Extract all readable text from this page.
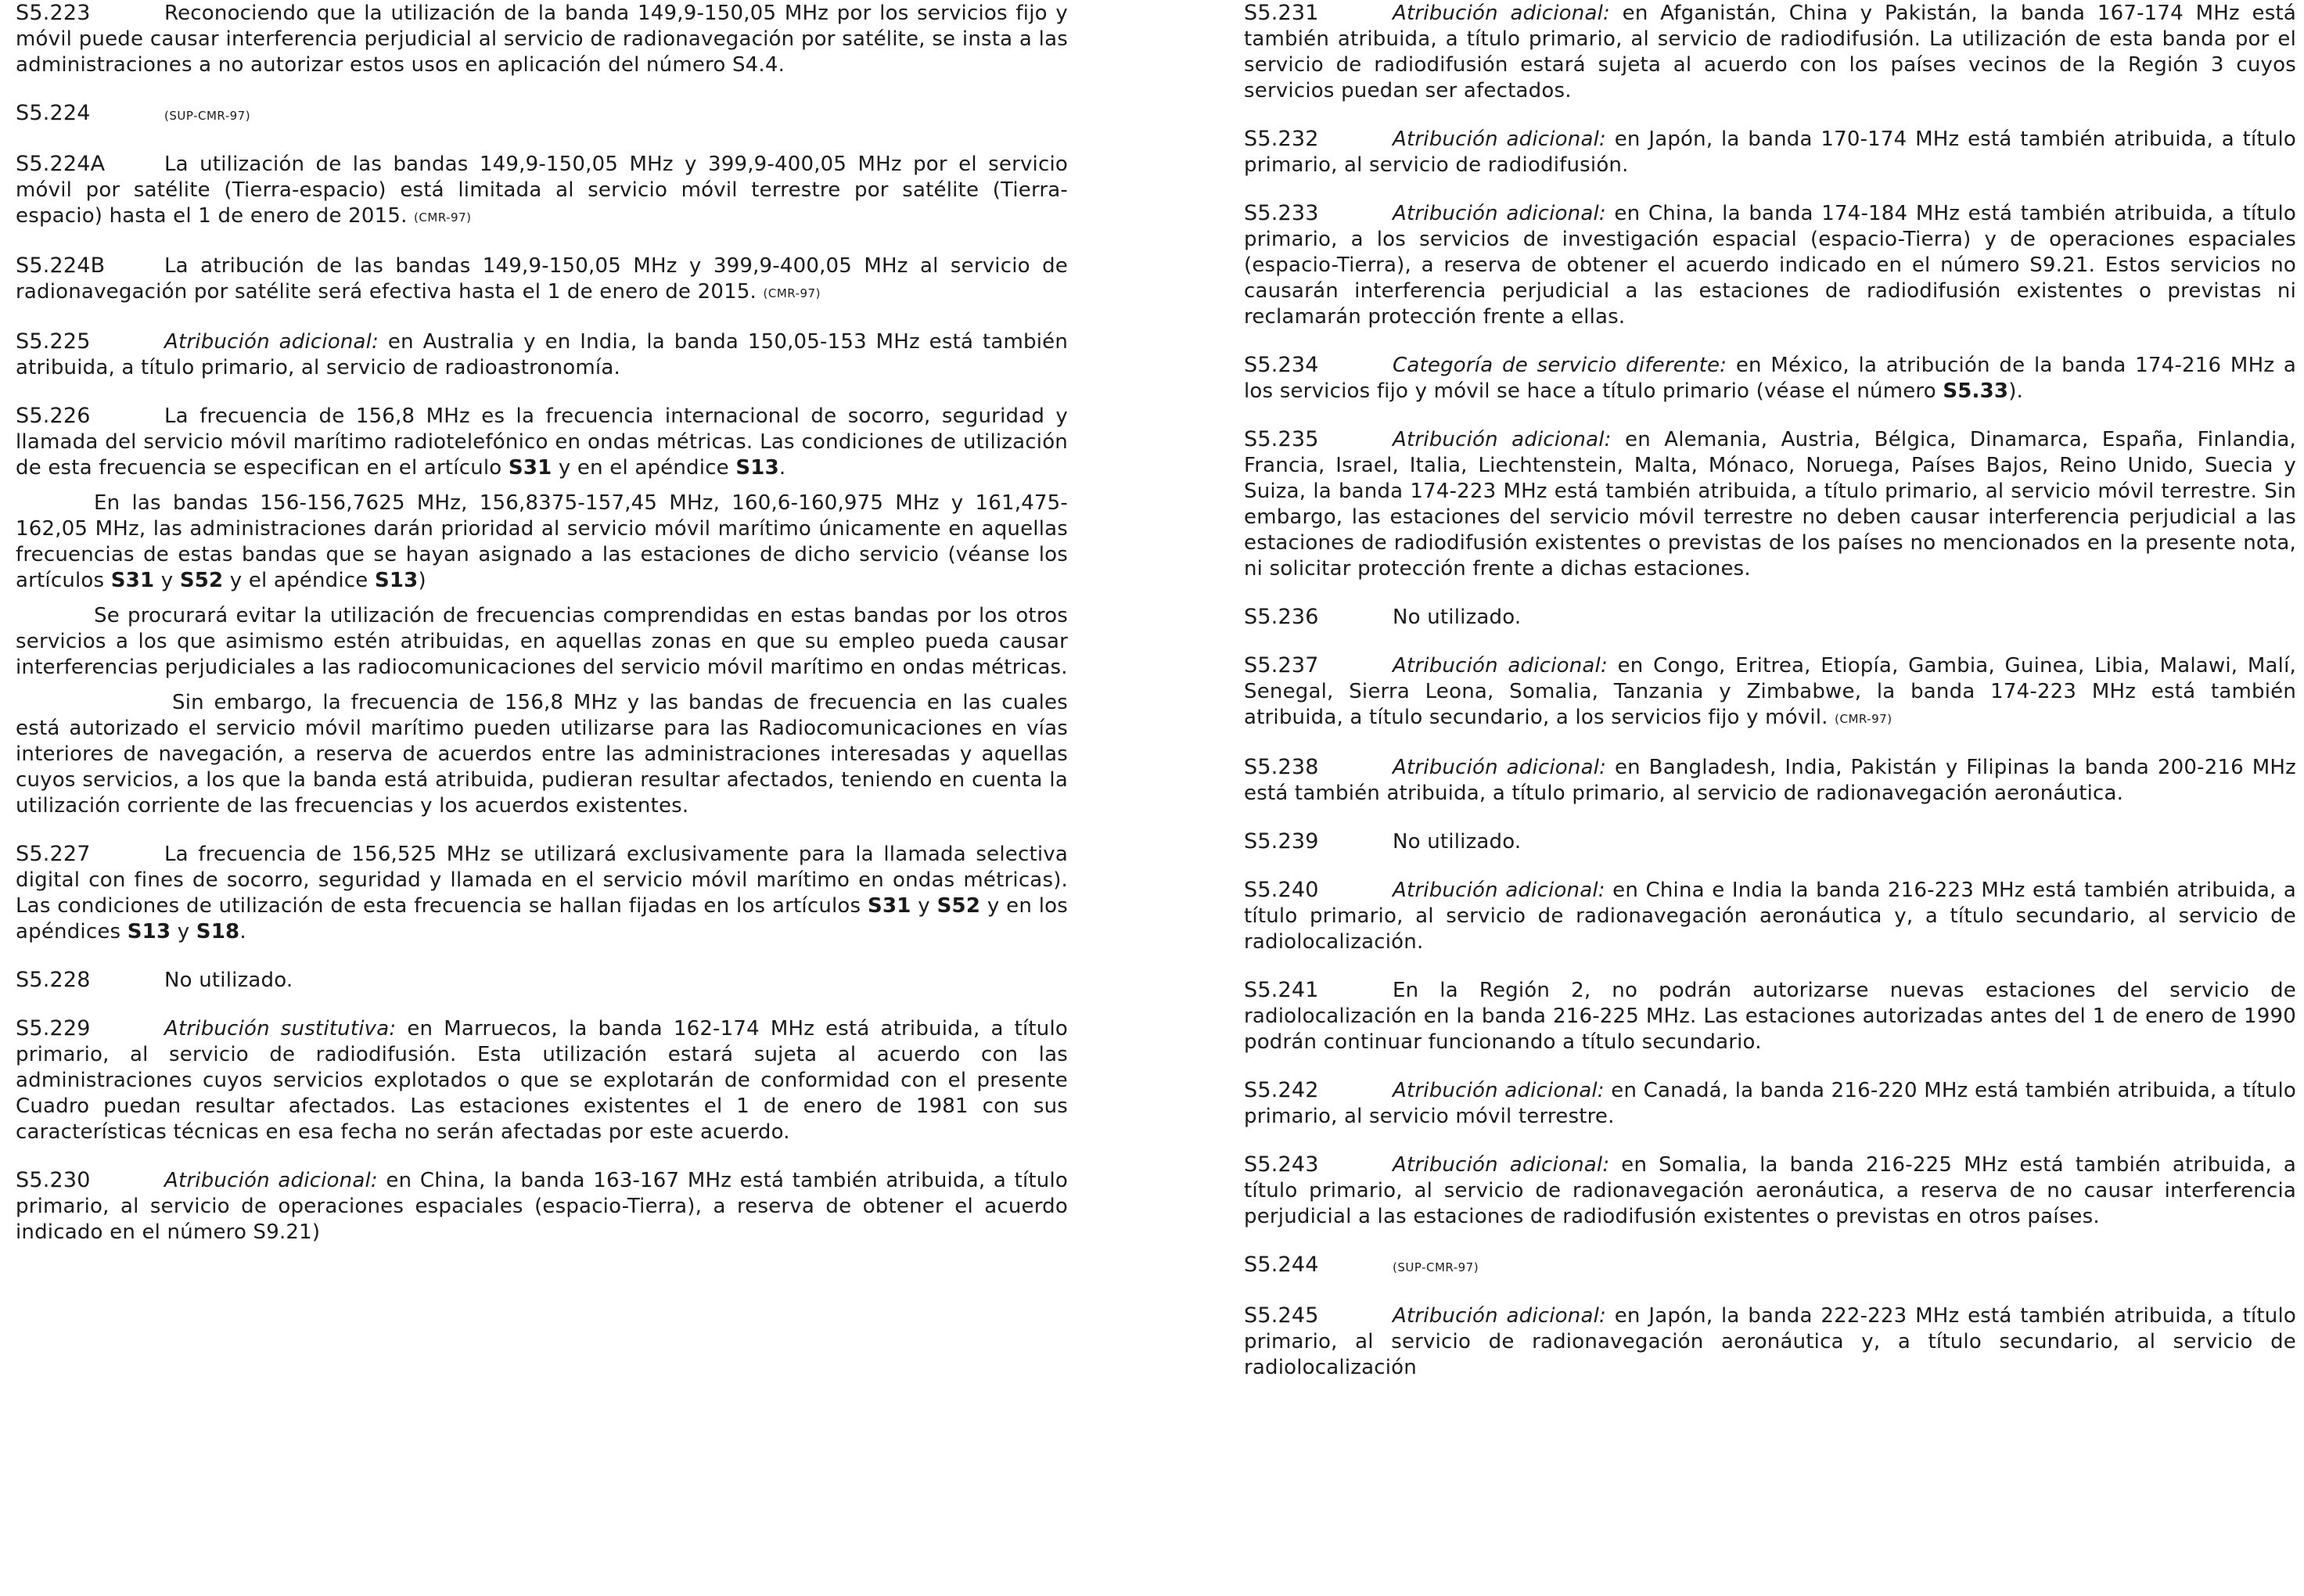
S5.223	Reconociendo que la utilización de la banda 149,9-150,05 MHz por los servicios fijo y móvil puede causar interferencia perjudicial al servicio de radionavegación por satélite, se insta a las administraciones a no autorizar estos usos en aplicación del número S4.4.

S5.224	(SUP-CMR-97)

S5.224A	La utilización de las bandas 149,9-150,05 MHz y 399,9-400,05 MHz por el servicio móvil por satélite (Tierra-espacio) está limitada al servicio móvil terrestre por satélite (Tierra-espacio) hasta el 1 de enero de 2015. (CMR-97)

S5.224B	La atribución de las bandas 149,9-150,05 MHz y 399,9-400,05 MHz al servicio de radionavegación por satélite será efectiva hasta el 1 de enero de 2015. (CMR-97)

S5.225	Atribución adicional: en Australia y en India, la banda 150,05-153 MHz está también atribuida, a título primario, al servicio de radioastronomía.

S5.226	La frecuencia de 156,8 MHz es la frecuencia internacional de socorro, seguridad y llamada del servicio móvil marítimo radiotelefónico en ondas métricas. Las condiciones de utilización de esta frecuencia se especifican en el artículo S31 y en el apéndice S13.

En las bandas 156-156,7625 MHz, 156,8375-157,45 MHz, 160,6-160,975 MHz y 161,475-162,05 MHz, las administraciones darán prioridad al servicio móvil marítimo únicamente en aquellas frecuencias de estas bandas que se hayan asignado a las estaciones de dicho servicio (véanse los artículos S31 y S52 y el apéndice S13)

Se procurará evitar la utilización de frecuencias comprendidas en estas bandas por los otros servicios a los que asimismo estén atribuidas, en aquellas zonas en que su empleo pueda causar interferencias perjudiciales a las radiocomunicaciones del servicio móvil marítimo en ondas métricas.

Sin embargo, la frecuencia de 156,8 MHz y las bandas de frecuencia en las cuales está autorizado el servicio móvil marítimo pueden utilizarse para las Radiocomunicaciones en vías interiores de navegación, a reserva de acuerdos entre las administraciones interesadas y aquellas cuyos servicios, a los que la banda está atribuida, pudieran resultar afectados, teniendo en cuenta la utilización corriente de las frecuencias y los acuerdos existentes.

S5.227	La frecuencia de 156,525 MHz se utilizará exclusivamente para la llamada selectiva digital con fines de socorro, seguridad y llamada en el servicio móvil marítimo en ondas métricas). Las condiciones de utilización de esta frecuencia se hallan fijadas en los artículos S31 y S52 y en los apéndices S13 y S18.

S5.228	No utilizado.

S5.229	Atribución sustitutiva: en Marruecos, la banda 162-174 MHz está atribuida, a título primario, al servicio de radiodifusión. Esta utilización estará sujeta al acuerdo con las administraciones cuyos servicios explotados o que se explotarán de conformidad con el presente Cuadro puedan resultar afectados. Las estaciones existentes el 1 de enero de 1981 con sus características técnicas en esa fecha no serán afectadas por este acuerdo.

S5.230	Atribución adicional: en China, la banda 163-167 MHz está también atribuida, a título primario, al servicio de operaciones espaciales (espacio-Tierra), a reserva de obtener el acuerdo indicado en el número S9.21)

S5.231	Atribución adicional: en Afganistán, China y Pakistán, la banda 167-174 MHz está también atribuida, a título primario, al servicio de radiodifusión. La utilización de esta banda por el servicio de radiodifusión estará sujeta al acuerdo con los países vecinos de la Región 3 cuyos servicios puedan ser afectados.

S5.232	Atribución adicional: en Japón, la banda 170-174 MHz está también atribuida, a título primario, al servicio de radiodifusión.

S5.233	Atribución adicional: en China, la banda 174-184 MHz está también atribuida, a título primario, a los servicios de investigación espacial (espacio-Tierra) y de operaciones espaciales (espacio-Tierra), a reserva de obtener el acuerdo indicado en el número S9.21. Estos servicios no causarán interferencia perjudicial a las estaciones de radiodifusión existentes o previstas ni reclamarán protección frente a ellas.

S5.234	Categoría de servicio diferente: en México, la atribución de la banda 174-216 MHz a los servicios fijo y móvil se hace a título primario (véase el número S5.33).

S5.235	Atribución adicional: en Alemania, Austria, Bélgica, Dinamarca, España, Finlandia, Francia, Israel, Italia, Liechtenstein, Malta, Mónaco, Noruega, Países Bajos, Reino Unido, Suecia y Suiza, la banda 174-223 MHz está también atribuida, a título primario, al servicio móvil terrestre. Sin embargo, las estaciones del servicio móvil terrestre no deben causar interferencia perjudicial a las estaciones de radiodifusión existentes o previstas de los países no mencionados en la presente nota, ni solicitar protección frente a dichas estaciones.

S5.236	No utilizado.

S5.237	Atribución adicional: en Congo, Eritrea, Etiopía, Gambia, Guinea, Libia, Malawi, Malí, Senegal, Sierra Leona, Somalia, Tanzania y Zimbabwe, la banda 174-223 MHz está también atribuida, a título secundario, a los servicios fijo y móvil. (CMR-97)

S5.238	Atribución adicional: en Bangladesh, India, Pakistán y Filipinas la banda 200-216 MHz está también atribuida, a título primario, al servicio de radionavegación aeronáutica.

S5.239	No utilizado.

S5.240	Atribución adicional: en China e India la banda 216-223 MHz está también atribuida, a título primario, al servicio de radionavegación aeronáutica y, a título secundario, al servicio de radiolocalización.

S5.241	En la Región 2, no podrán autorizarse nuevas estaciones del servicio de radiolocalización en la banda 216-225 MHz. Las estaciones autorizadas antes del 1 de enero de 1990 podrán continuar funcionando a título secundario.

S5.242	Atribución adicional: en Canadá, la banda 216-220 MHz está también atribuida, a título primario, al servicio móvil terrestre.

S5.243	Atribución adicional: en Somalia, la banda 216-225 MHz está también atribuida, a título primario, al servicio de radionavegación aeronáutica, a reserva de no causar interferencia perjudicial a las estaciones de radiodifusión existentes o previstas en otros países.

S5.244	(SUP-CMR-97)

S5.245	Atribución adicional: en Japón, la banda 222-223 MHz está también atribuida, a título primario, al servicio de radionavegación aeronáutica y, a título secundario, al servicio de radiolocalización
